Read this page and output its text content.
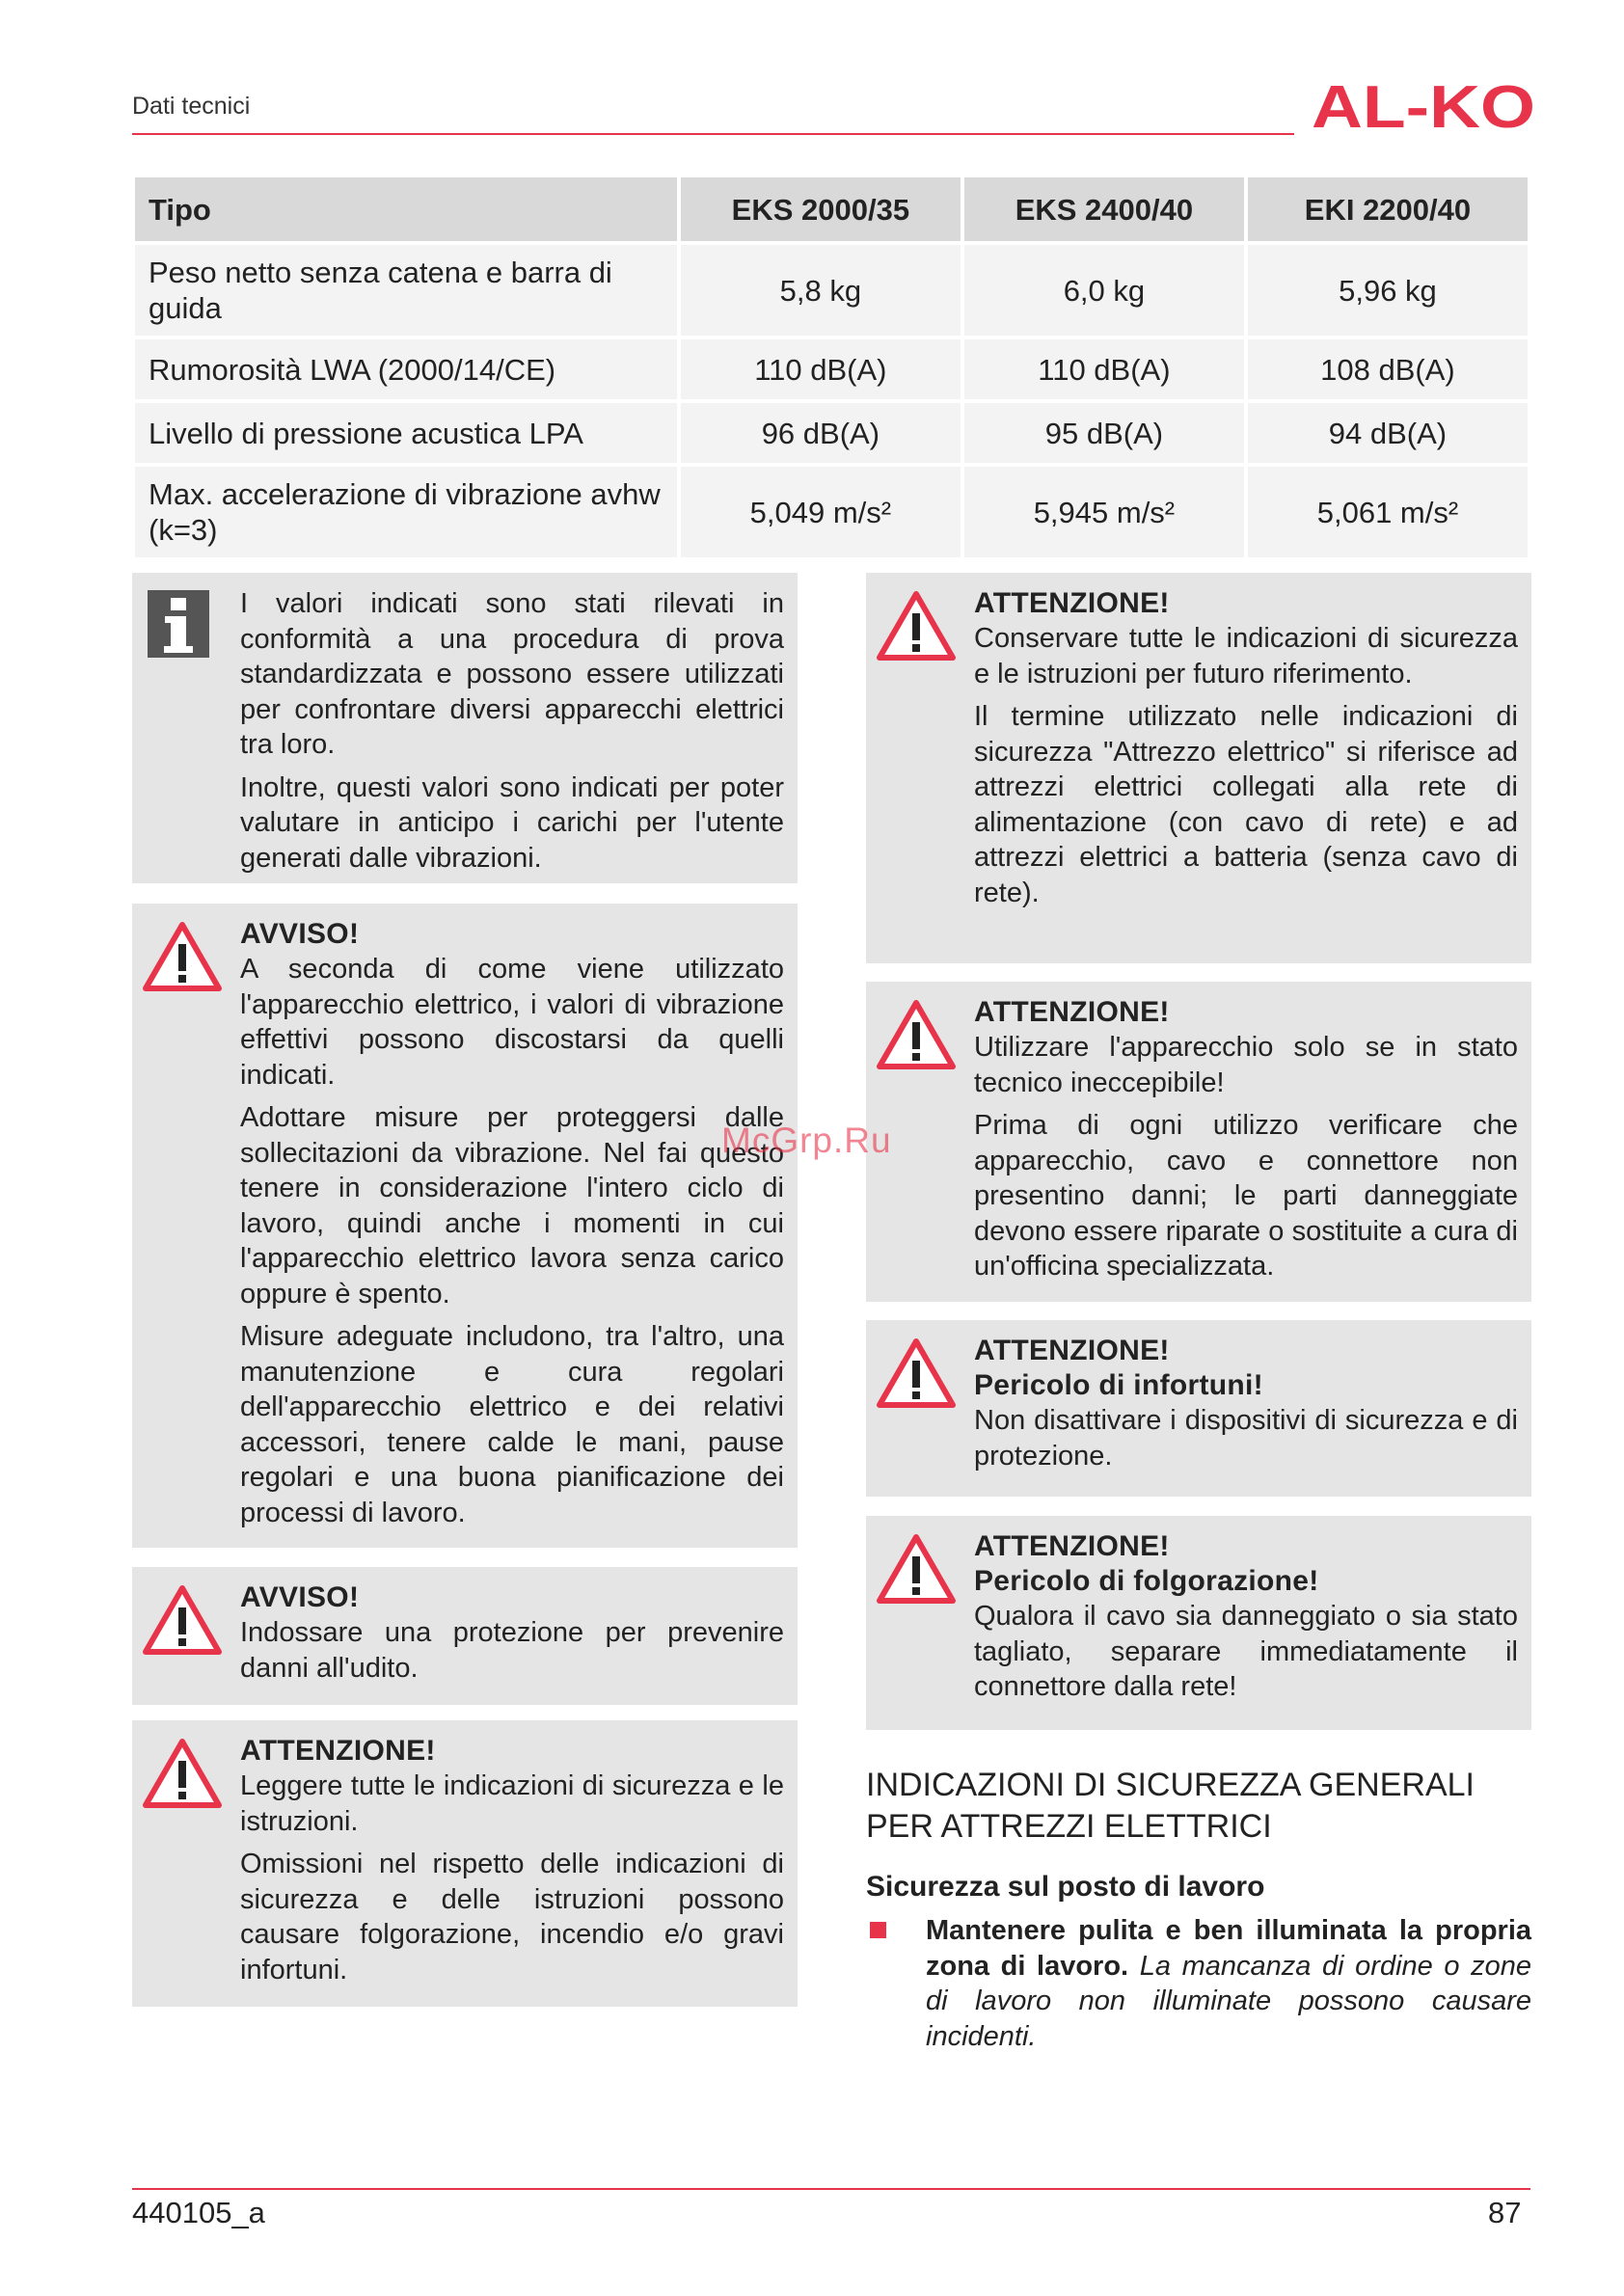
Dati tecnici	AL-KO
Tipo	EKS 2000/35	EKS 2400/40	EKI 2200/40
Peso netto senza catena e barra di guida	5,8 kg	6,0 kg	5,96 kg
Rumorosità LWA (2000/14/CE)	110 dB(A)	110 dB(A)	108 dB(A)
Livello di pressione acustica LPA	96 dB(A)	95 dB(A)	94 dB(A)
Max. accelerazione di vibrazione avhw (k=3)	5,049 m/s²	5,945 m/s²	5,061 m/s²

I valori indicati sono stati rilevati in conformità a una procedura di prova standardizzata e possono essere utilizzati per confrontare diversi apparecchi elettrici tra loro.

Inoltre, questi valori sono indicati per poter valutare in anticipo i carichi per l'utente generati dalle vibrazioni.

AVVISO!

A seconda di come viene utilizzato l'apparecchio elettrico, i valori di vibrazione effettivi possono discostarsi da quelli indicati.

Adottare misure per proteggersi dalle sollecitazioni da vibrazione. Nel fai questo tenere in considerazione l'intero ciclo di lavoro, quindi anche i momenti in cui l'apparecchio elettrico lavora senza carico oppure è spento.

Misure adeguate includono, tra l'altro, una manutenzione e cura regolari dell'apparecchio elettrico e dei relativi accessori, tenere calde le mani, pause regolari e una buona pianificazione dei processi di lavoro.

AVVISO!

Indossare una protezione per prevenire danni all'udito.

ATTENZIONE!

Leggere tutte le indicazioni di sicurezza e le istruzioni.

Omissioni nel rispetto delle indicazioni di sicurezza e delle istruzioni possono causare folgorazione, incendio e/o gravi infortuni.

ATTENZIONE!

Conservare tutte le indicazioni di sicurezza e le istruzioni per futuro riferimento.

Il termine utilizzato nelle indicazioni di sicurezza "Attrezzo elettrico" si riferisce ad attrezzi elettrici collegati alla rete di alimentazione (con cavo di rete) e ad attrezzi elettrici a batteria (senza cavo di rete).

ATTENZIONE!

Utilizzare l'apparecchio solo se in stato tecnico ineccepibile!

Prima di ogni utilizzo verificare che apparecchio, cavo e connettore non presentino danni; le parti danneggiate devono essere riparate o sostituite a cura di un'officina specializzata.

ATTENZIONE!
Pericolo di infortuni!

Non disattivare i dispositivi di sicurezza e di protezione.

ATTENZIONE!
Pericolo di folgorazione!

Qualora il cavo sia danneggiato o sia stato tagliato, separare immediatamente il connettore dalla rete!

INDICAZIONI DI SICUREZZA GENERALI PER ATTREZZI ELETTRICI
Sicurezza sul posto di lavoro
Mantenere pulita e ben illuminata la propria zona di lavoro. La mancanza di ordine o zone di lavoro non illuminate possono causare incidenti.
McGrp.Ru
440105_a	87
